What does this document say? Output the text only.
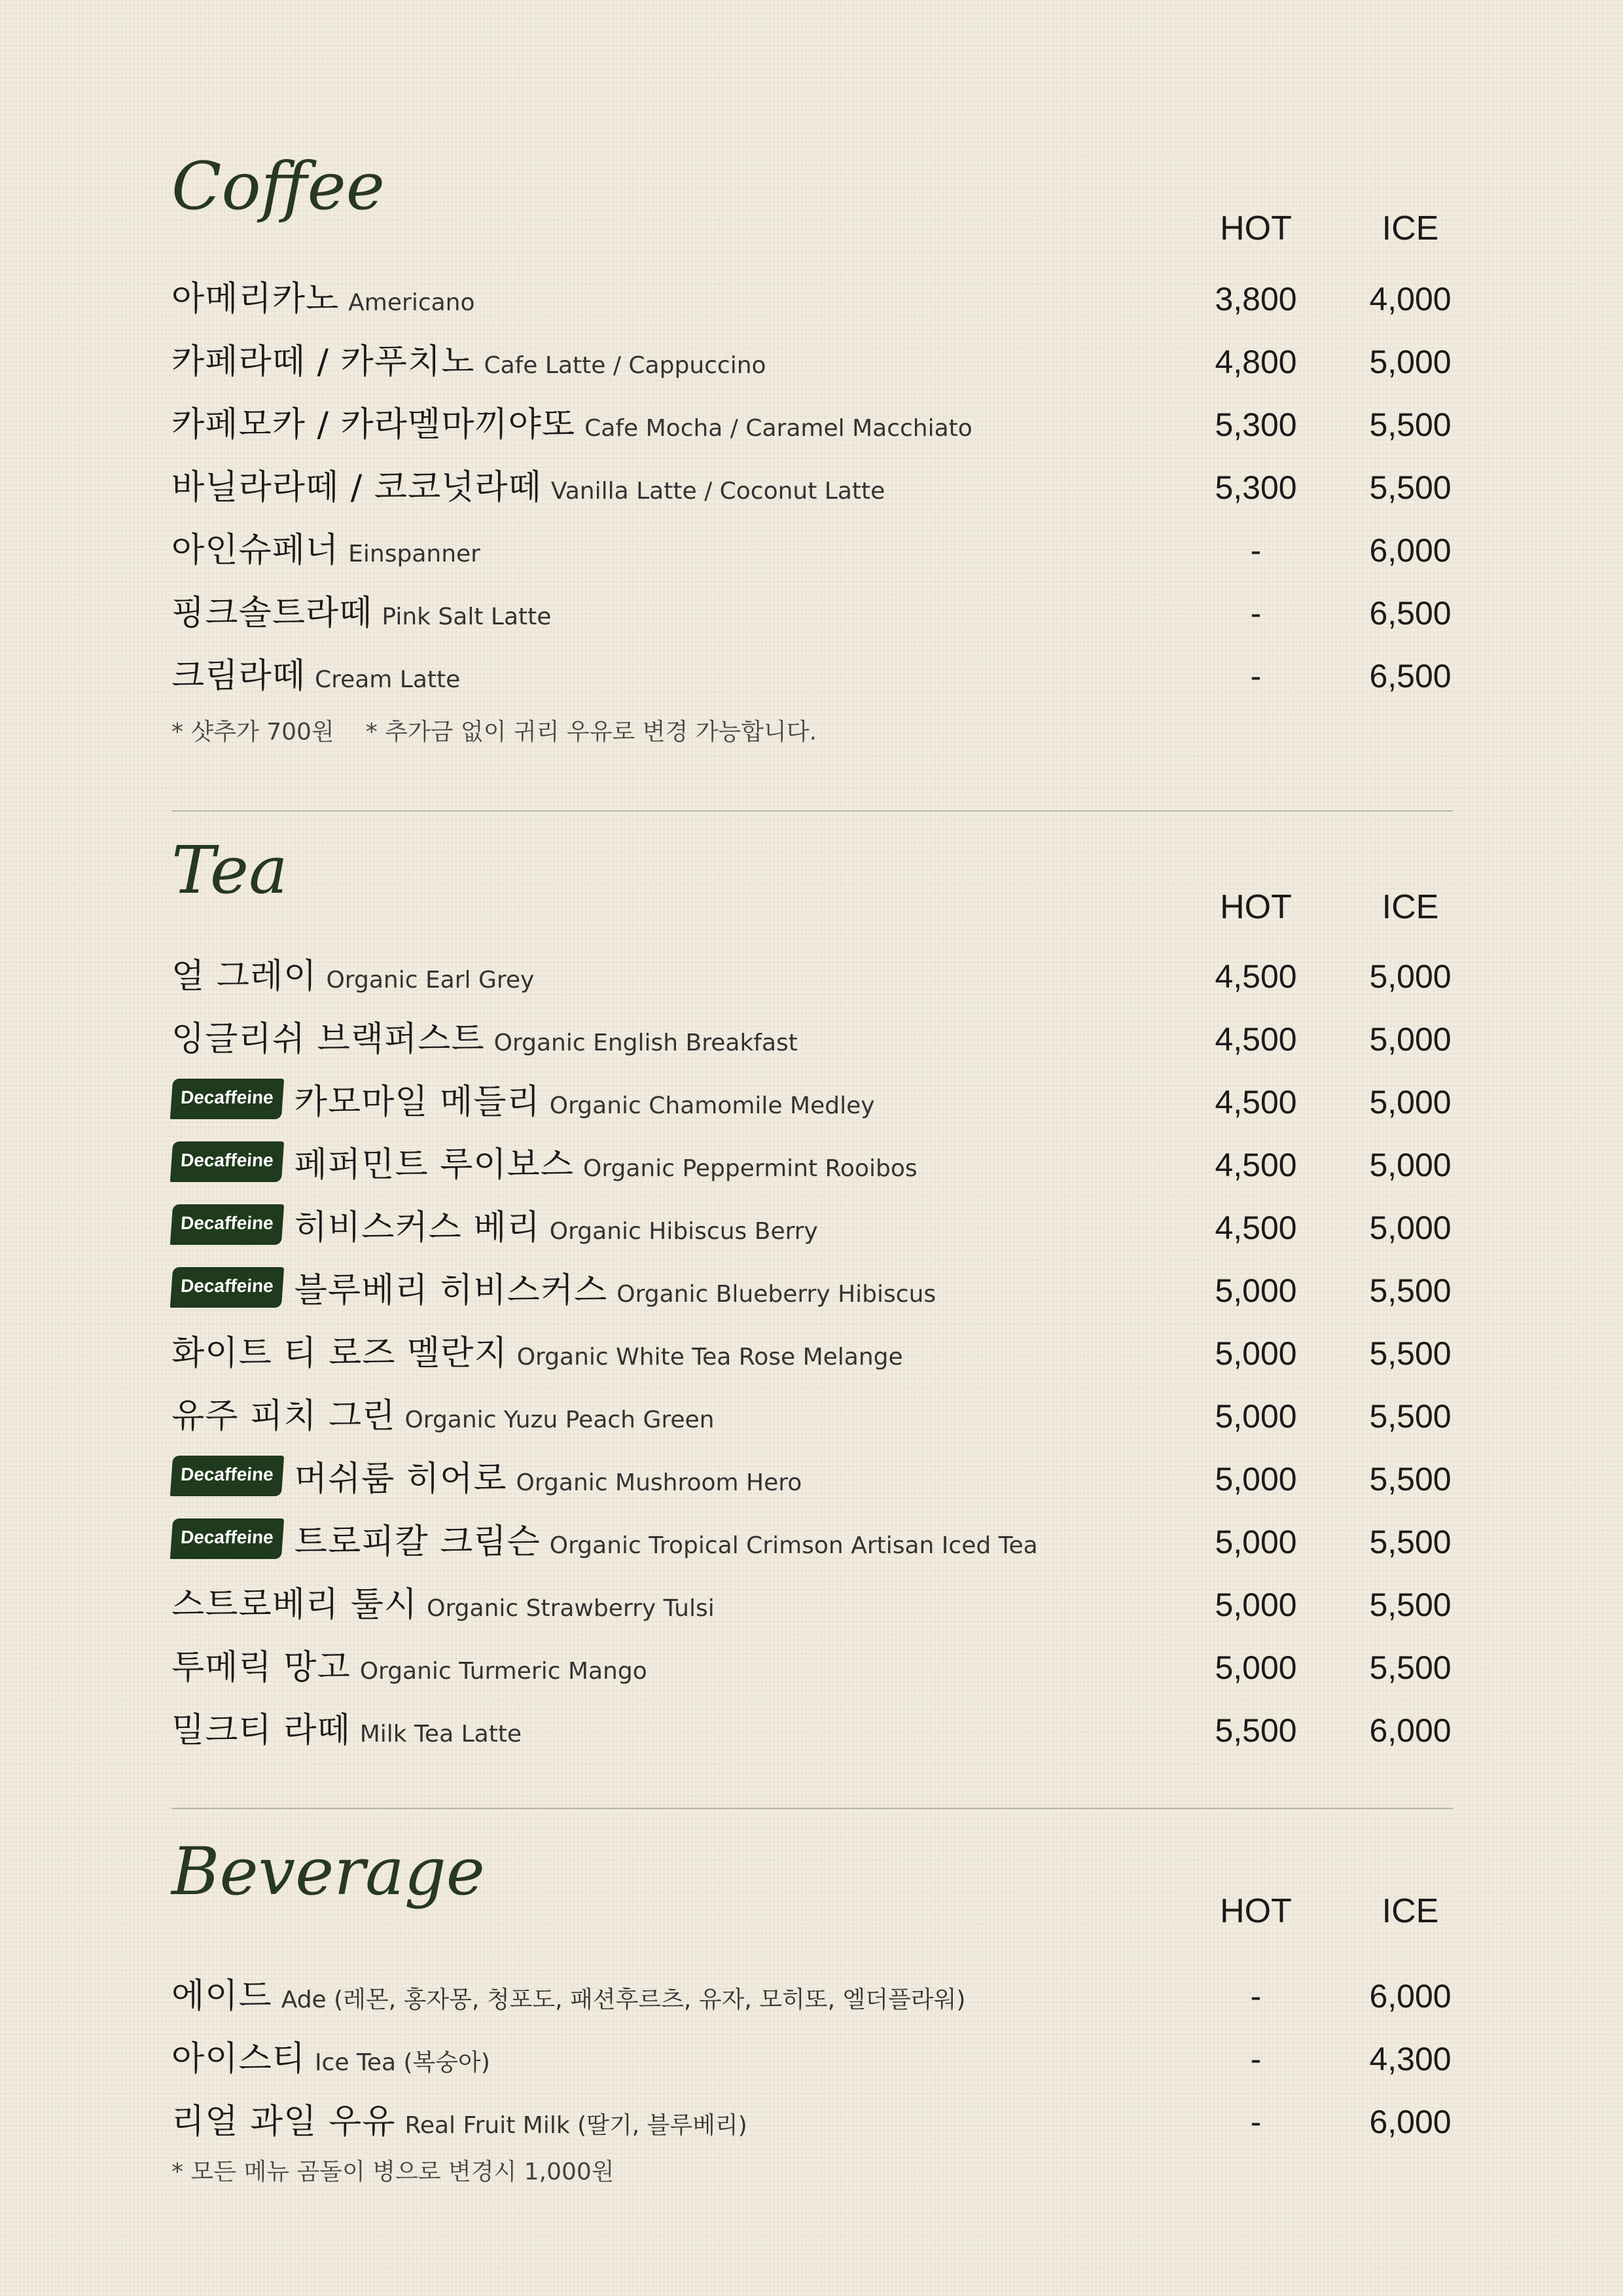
Coffee
HOT	ICE
아메리카노 Americano	3,800	4,000
카페라떼 / 카푸치노 Cafe Latte / Cappuccino	4,800	5,000
카페모카 / 카라멜마끼야또 Cafe Mocha / Caramel Macchiato	5,300	5,500
바닐라라떼 / 코코넛라떼 Vanilla Latte / Coconut Latte	5,300	5,500
아인슈페너 Einspanner	-	6,000
핑크솔트라떼 Pink Salt Latte	-	6,500
크림라떼 Cream Latte	-	6,500
* 샷추가 700원 * 추가금 없이 귀리 우유로 변경 가능합니다.
Tea	HOT	ICE
얼 그레이 Organic Earl Grey	4,500	5,000
잉글리쉬 브랙퍼스트 Organic English Breakfast	4,500	5,000
Decaffeine 카모마일 메들리 Organic Chamomile Medley	4,500	5,000
Decaffeine 페퍼민트 루이보스 Organic Peppermint Rooibos	4,500	5,000
Decaffeine 히비스커스 베리 Organic Hibiscus Berry	4,500	5,000
Decaffeine 블루베리 히비스커스 Organic Blueberry Hibiscus	5,000	5,500
화이트 티 로즈 멜란지 Organic White Tea Rose Melange	5,000	5,500
유주 피치 그린 Organic Yuzu Peach Green	5,000	5,500
Decaffeine 머쉬룸 히어로 Organic Mushroom Hero	5,000	5,500
Decaffeine 트로피칼 크림슨 Organic Tropical Crimson Artisan Iced Tea	5,000	5,500
스트로베리 툴시 Organic Strawberry Tulsi	5,000	5,500
투메릭 망고 Organic Turmeric Mango	5,000	5,500
밀크티 라떼 Milk Tea Latte	5,500	6,000
Beverage
HOT	ICE
에이드 Ade (레몬, 홍자몽, 청포도, 패션후르츠, 유자, 모히또, 엘더플라워)	-	6,000
아이스티 Ice Tea (복숭아)	-	4,300
리얼 과일 우유 Real Fruit Milk (딸기, 블루베리)	-	6,000
* 모든 메뉴 곰돌이 병으로 변경시 1,000원
